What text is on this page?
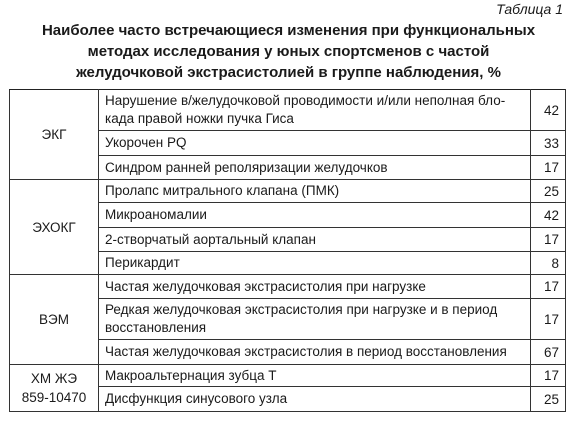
Таблица 1
Наиболее часто встречающиеся изменения при функциональных
методах исследования у юных спортсменов с частой
желудочковой экстрасистолией в группе наблюдения, %
ЭКГ	Нарушение в/желудочковой проводимости и/или неполная бло-када правой ножки пучка Гиса	42
	Укорочен PQ	33
	Синдром ранней реполяризации желудочков	17
ЭХОКГ	Пролапс митрального клапана (ПМК)	25
	Микроаномалии	42
	2-створчатый аортальный клапан	17
	Перикардит	8
ВЭМ	Частая желудочковая экстрасистолия при нагрузке	17
	Редкая желудочковая экстрасистолия при нагрузке и в период восстановления	17
	Частая желудочковая экстрасистолия в период восстановления	67

ХМ ЖЭ
859-10470	Макроальтернация зубца Т	17
	Дисфункция синусового узла	25
